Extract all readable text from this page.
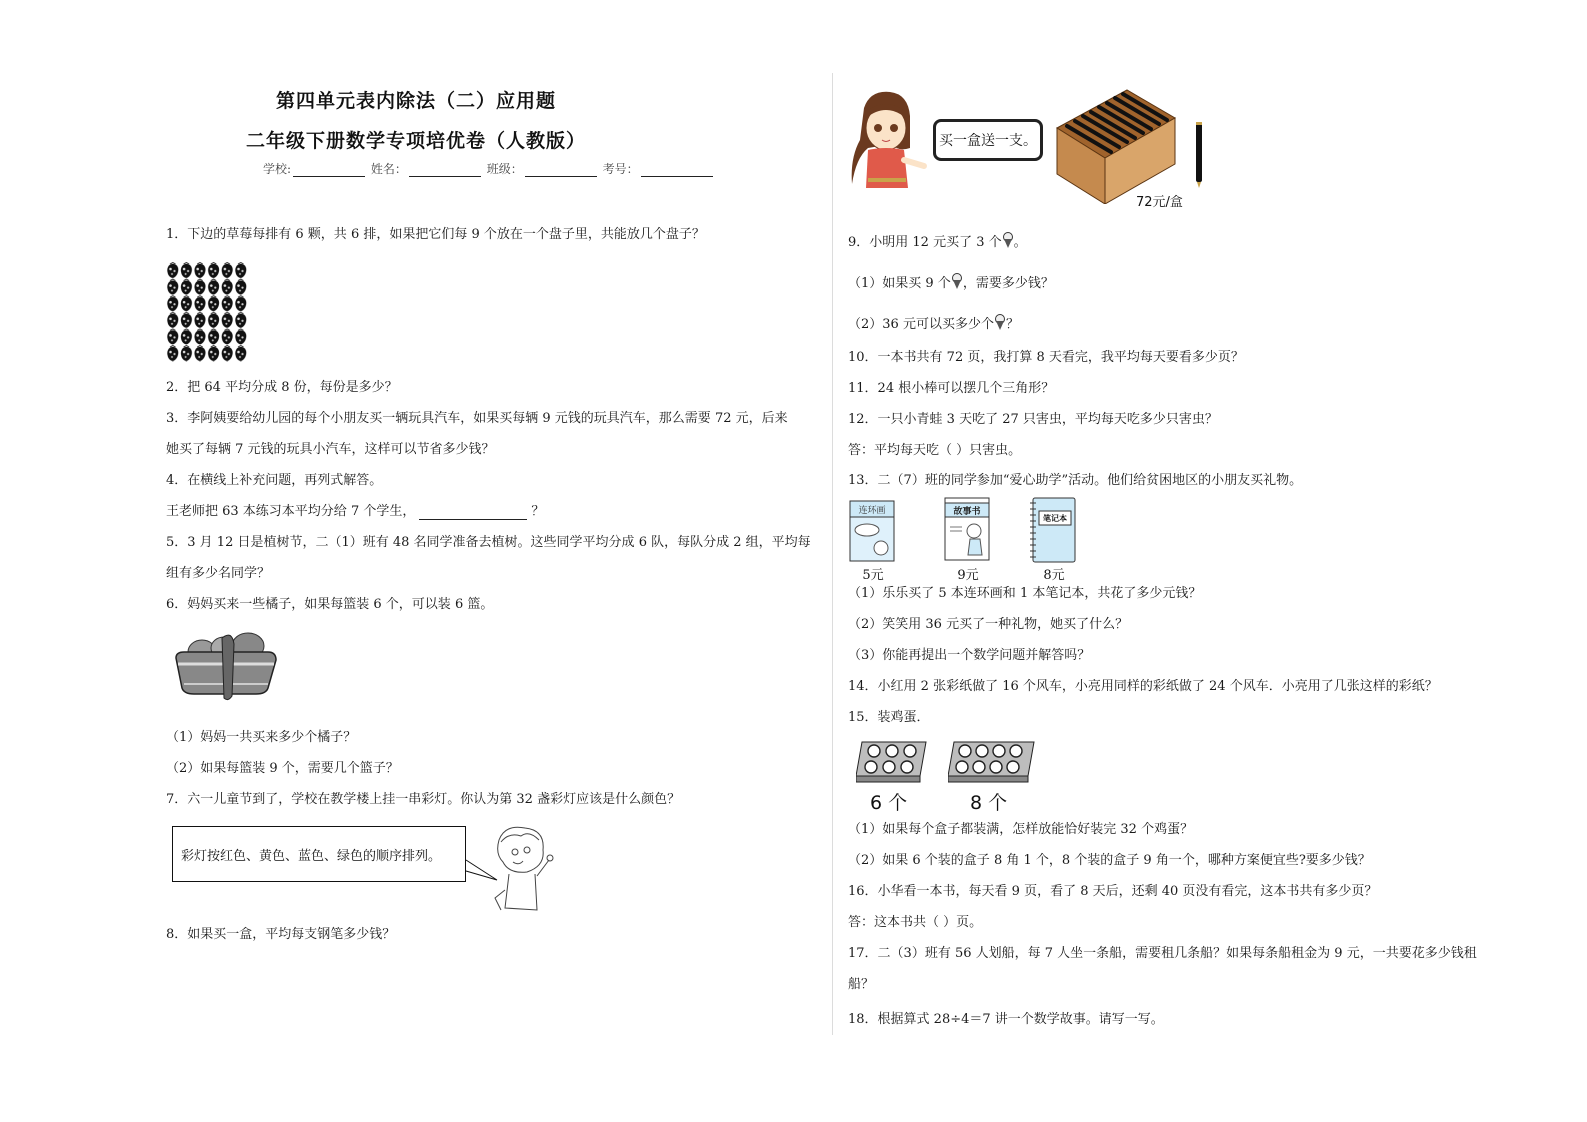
第四单元表内除法（二）应用题
二年级下册数学专项培优卷（人教版）
学校:	姓名：	班级：	考号：
1．下边的草莓每排有 6 颗，共 6 排，如果把它们每 9 个放在一个盘子里，共能放几个盘子？
2．把 64 平均分成 8 份，每份是多少？
3．李阿姨要给幼儿园的每个小朋友买一辆玩具汽车，如果买每辆 9 元钱的玩具汽车，那么需要 72 元，后来
她买了每辆 7 元钱的玩具小汽车，这样可以节省多少钱？
4．在横线上补充问题，再列式解答。
王老师把 63 本练习本平均分给 7 个学生，	？
5．3 月 12 日是植树节，二（1）班有 48 名同学准备去植树。这些同学平均分成 6 队，每队分成 2 组，平均每
组有多少名同学？
6．妈妈买来一些橘子，如果每篮装 6 个，可以装 6 篮。
（1）妈妈一共买来多少个橘子？
（2）如果每篮装 9 个，需要几个篮子？
7．六一儿童节到了，学校在教学楼上挂一串彩灯。你认为第 32 盏彩灯应该是什么颜色？
彩灯按红色、黄色、蓝色、绿色的顺序排列。
8．如果买一盒，平均每支钢笔多少钱？
买一盒送一支。
72元/盒
9．小明用 12 元买了 3 个 。
（1）如果买 9 个 ，需要多少钱？
（2）36 元可以买多少个 ？
10．一本书共有 72 页，我打算 8 天看完，我平均每天要看多少页？
11．24 根小棒可以摆几个三角形？
12．一只小青蛙 3 天吃了 27 只害虫，平均每天吃多少只害虫？
答：平均每天吃（ ）只害虫。
13．二（7）班的同学参加“爱心助学”活动。他们给贫困地区的小朋友买礼物。
连环画
5元
故事书
9元
笔记本
8元
（1）乐乐买了 5 本连环画和 1 本笔记本，共花了多少元钱？
（2）笑笑用 36 元买了一种礼物，她买了什么？
（3）你能再提出一个数学问题并解答吗？
14．小红用 2 张彩纸做了 16 个风车，小亮用同样的彩纸做了 24 个风车．小亮用了几张这样的彩纸？
15．装鸡蛋．
6 个	8 个
（1）如果每个盒子都装满，怎样放能恰好装完 32 个鸡蛋？
（2）如果 6 个装的盒子 8 角 1 个，8 个装的盒子 9 角一个，哪种方案便宜些?要多少钱？
16．小华看一本书，每天看 9 页，看了 8 天后，还剩 40 页没有看完，这本书共有多少页？
答：这本书共（ ）页。
17．二（3）班有 56 人划船，每 7 人坐一条船，需要租几条船？如果每条船租金为 9 元，一共要花多少钱租
船？
18．根据算式 28÷4＝7 讲一个数学故事。请写一写。
